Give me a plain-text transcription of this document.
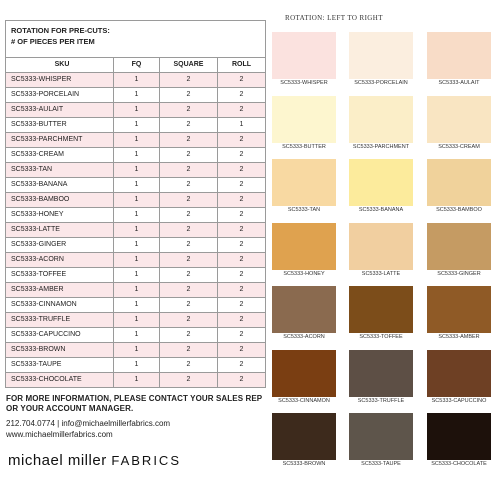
ROTATION FOR PRE-CUTS:
# OF PIECES PER ITEM			

SKU	FQ	SQUARE	ROLL
SC5333-WHISPER	1	2	2
SC5333-PORCELAIN	1	2	2
SC5333-AULAIT	1	2	2
SC5333-BUTTER	1	2	1
SC5333-PARCHMENT	1	2	2
SC5333-CREAM	1	2	2
SC5333-TAN	1	2	2
SC5333-BANANA	1	2	2
SC5333-BAMBOO	1	2	2
SC5333-HONEY	1	2	2
SC5333-LATTE	1	2	2
SC5333-GINGER	1	2	2
SC5333-ACORN	1	2	2
SC5333-TOFFEE	1	2	2
SC5333-AMBER	1	2	2
SC5333-CINNAMON	1	2	2
SC5333-TRUFFLE	1	2	2
SC5333-CAPUCCINO	1	2	2
SC5333-BROWN	1	2	2
SC5333-TAUPE	1	2	2
SC5333-CHOCOLATE	1	2	2
FOR MORE INFORMATION, PLEASE CONTACT YOUR SALES REP
OR YOUR ACCOUNT MANAGER.
212.704.0774 | info@michaelmillerfabrics.com
www.michaelmillerfabrics.com
michael miller FABRICS
ROTATION: LEFT TO RIGHT
SC5333-WHISPER	SC5333-PORCELAIN	SC5333-AULAIT
SC5333-BUTTER	SC5333-PARCHMENT	SC5333-CREAM
SC5333-TAN	SC5333-BANANA	SC5333-BAMBOO
SC5333-HONEY	SC5333-LATTE	SC5333-GINGER
SC5333-ACORN	SC5333-TOFFEE	SC5333-AMBER
SC5333-CINNAMON	SC5333-TRUFFLE	SC5333-CAPUCCINO
SC5333-BROWN	SC5333-TAUPE	SC5333-CHOCOLATE
